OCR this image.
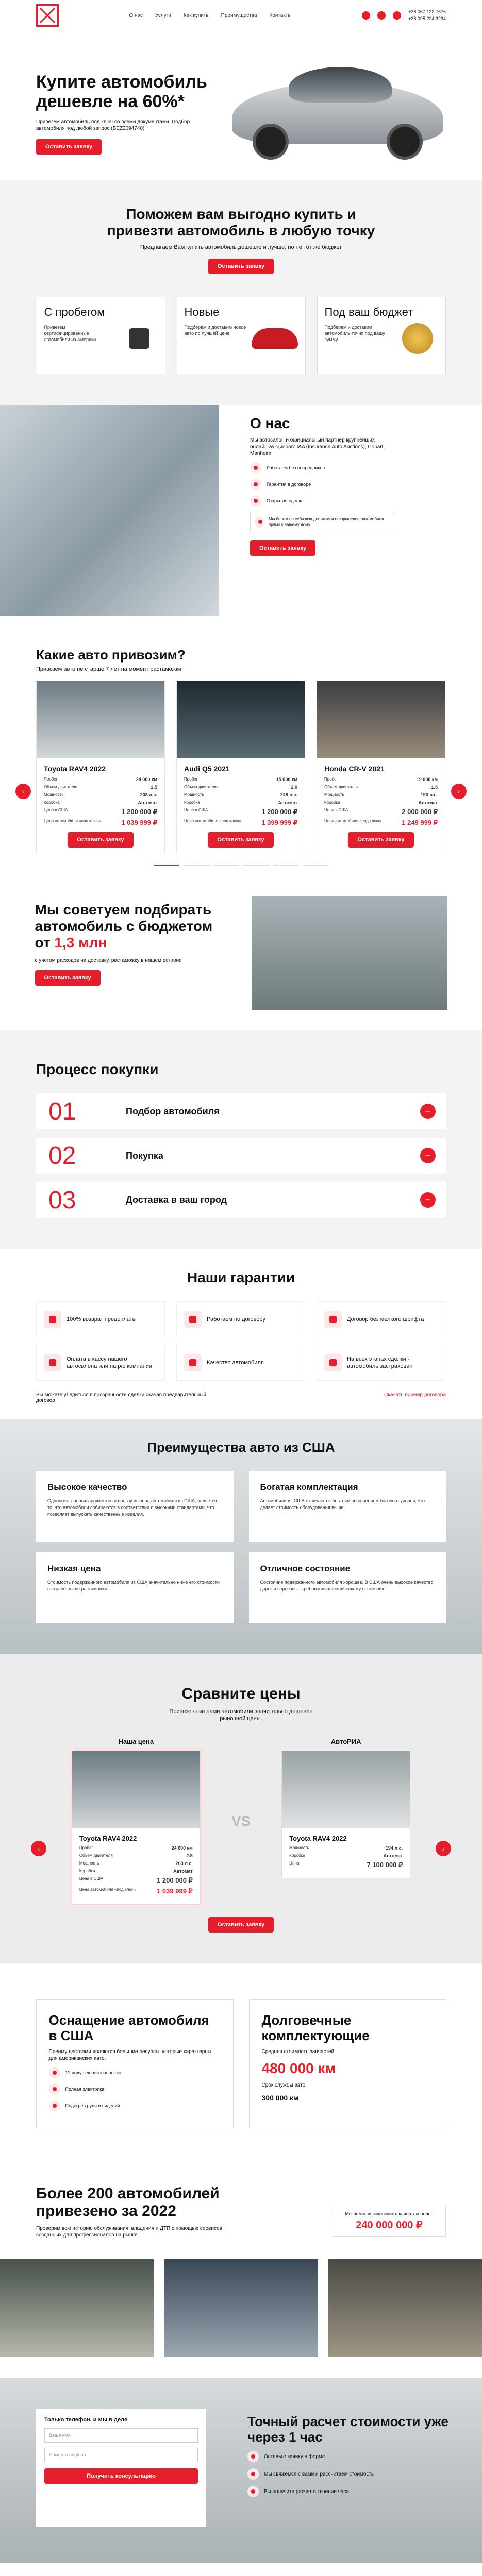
О нас Услуги Как купить Преимущества Контакты
+38 067 123 7676
+38 095 224 3234
Купите автомобиль дешевле на 60%*

Привезем автомобиль под ключ со всеми документами. Подбор автомобиля под любой запрос (BEZ2094740)

Оставить заявку
Поможем вам выгодно купить и привезти автомобиль в любую точку
Предлагаем Вам купить автомобиль дешевле и лучше, но не тот же бюджет
Оставить заявку
С пробегом

Привезем сертифицированные автомобили из Америки

Новые

Подберем и доставим новое авто по лучшей цене

Под ваш бюджет

Подберем и доставим автомобиль точно под вашу сумму

О нас

Мы автосалон и официальный партнер крупнейших онлайн-аукционов: IAA (Insurance Auto Auctions), Copart, Manheim.

Работаем без посредников
Гарантия в договоре
Открытая сделка
Мы берем на себя всю доставку и оформление автомобиля прямо к вашему дому
Оставить заявку
Какие авто привозим?
Привезем авто не старше 7 лет на момент растаможки.
‹	›
Toyota RAV4 2022
Пробег	24 000 км
Объем двигателя	2.5
Мощность	203 л.с.
Коробка	Автомат
Цена в США	1 200 000 ₽
Цена автомобиля «под ключ»	1 039 999 ₽
Оставить заявку
Audi Q5 2021
Пробег	15 000 км
Объем двигателя	2.0
Мощность	248 л.с.
Коробка	Автомат
Цена в США	1 200 000 ₽
Цена автомобиля «под ключ»	1 399 999 ₽
Оставить заявку
Honda CR-V 2021
Пробег	19 000 км
Объем двигателя	1.5
Мощность	190 л.с.
Коробка	Автомат
Цена в США	2 000 000 ₽
Цена автомобиля «под ключ»	1 249 999 ₽
Оставить заявку
Мы советуем подбирать автомобиль с бюджетом от 1,3 млн

с учетом расходов на доставку, растаможку в нашем регионе

Оставить заявку
Процесс покупки
01	Подбор автомобиля	–
02	Покупка	–
03	Доставка в ваш город	–
Наши гарантии
100% возврат предоплаты	Работаем по договору	Договор без мелкого шрифта
Оплата в кассу нашего автосалона или на р/с компании
Качество автомобиля
На всех этапах сделки - автомобиль застрахован
Вы можете убедиться в прозрачности сделки скачав предварительный договор
Скачать пример договора
Преимущества авто из США
Высокое качество

Одним из главных аргументов в пользу выбора автомобиля из США, является то, что автомобили собираются в соответствии с высокими стандартами, что позволяет выпускать качественные изделия.

Богатая комплектация

Автомобили из США отличаются богатым оснащением базового уровня, что делает стоимость оборудования выше.

Низкая цена

Стоимость подержанного автомобиля из США значительно ниже его стоимости в стране после растаможки.

Отличное состояние

Состояние подержанного автомобиля хорошее. В США очень высокое качество дорог и серьезные требования к техническому состоянию.

Сравните цены
Привезенные нами автомобили значительно дешевле рыночной цены.
‹	›
Наша цена
Toyota RAV4 2022
Пробег	24 000 км
Объем двигателя	2.5
Мощность	203 л.с.
Коробка	Автомат
Цена в США	1 200 000 ₽
Цена автомобиля «под ключ»	1 039 999 ₽
VS
АвтоРИА
Toyota RAV4 2022
Мощность	194 л.с.
Коробка	Автомат
Цена	7 100 000 ₽
Оставить заявку
Оснащение автомобиля в США

Преимуществами являются большие ресурсы, которые характерны для американских авто.

12 подушек безопасности
Полная электрика
Подогрев руля и сидений
Долговечные комплектующие

Средняя стоимость запчастей

480 000 км

Срок службы авто

300 000 км
Более 200 автомобилей привезено за 2022

Проверим всю историю обслуживания, владения и ДТП с помощью сервисов, созданных для профессионалов на рынке

Мы помогли сэкономить клиентам более
240 000 000 ₽
Только телефон, и мы в деле
Ваше имя
Номер телефона
Получить консультацию
Точный расчет стоимости уже через 1 час
Оставьте заявку в форме
Мы свяжемся с вами и рассчитаем стоимость
Вы получите расчет в течение часа
